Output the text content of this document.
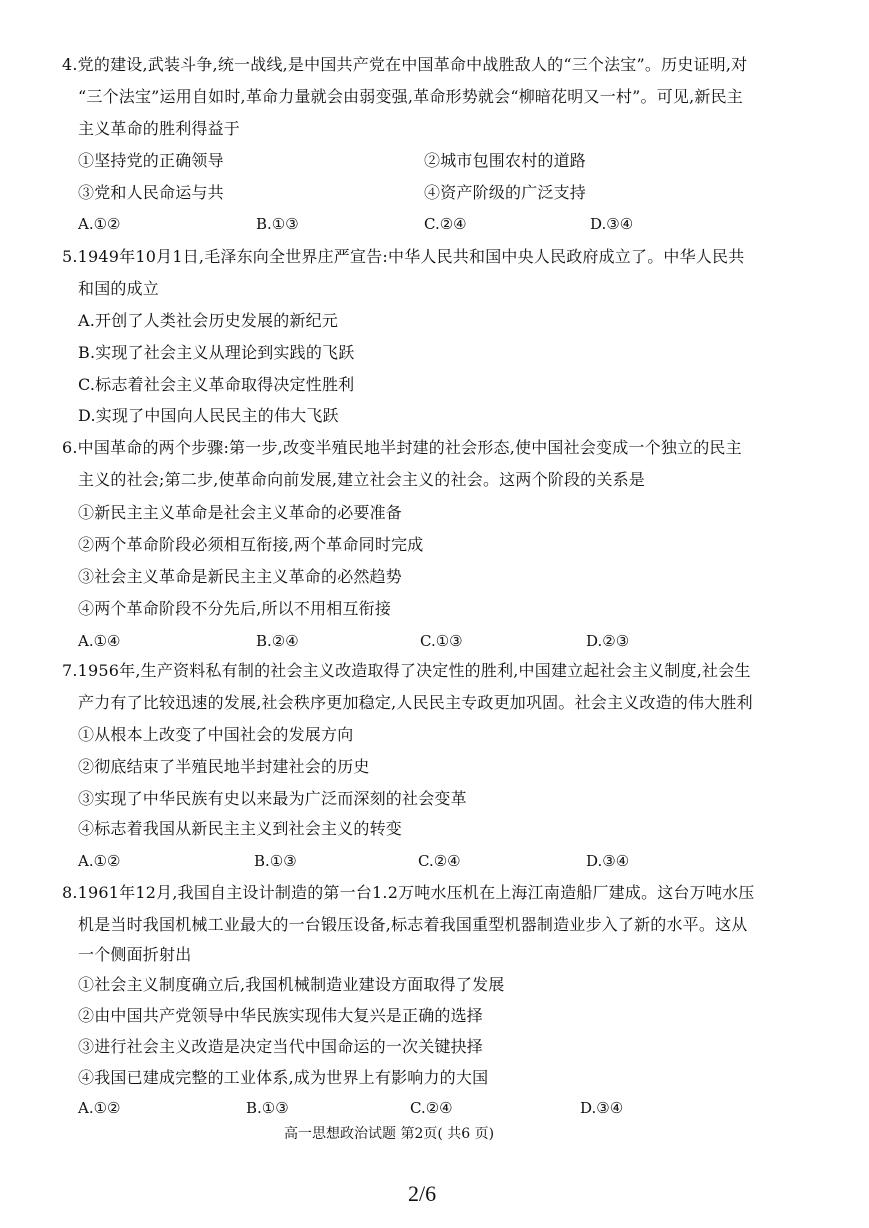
4.党的建设,武装斗争,统一战线,是中国共产党在中国革命中战胜敌人的“三个法宝”。历史证明,对
“三个法宝”运用自如时,革命力量就会由弱变强,革命形势就会“柳暗花明又一村”。可见,新民主
主义革命的胜利得益于
①坚持党的正确领导	②城市包围农村的道路
③党和人民命运与共	④资产阶级的广泛支持
A.①②	B.①③	C.②④	D.③④
5.1949年10月1日,毛泽东向全世界庄严宣告:中华人民共和国中央人民政府成立了。中华人民共
和国的成立
A.开创了人类社会历史发展的新纪元
B.实现了社会主义从理论到实践的飞跃
C.标志着社会主义革命取得决定性胜利
D.实现了中国向人民民主的伟大飞跃
6.中国革命的两个步骤:第一步,改变半殖民地半封建的社会形态,使中国社会变成一个独立的民主
主义的社会;第二步,使革命向前发展,建立社会主义的社会。这两个阶段的关系是
①新民主主义革命是社会主义革命的必要准备
②两个革命阶段必须相互衔接,两个革命同时完成
③社会主义革命是新民主主义革命的必然趋势
④两个革命阶段不分先后,所以不用相互衔接
A.①④	B.②④	C.①③	D.②③
7.1956年,生产资料私有制的社会主义改造取得了决定性的胜利,中国建立起社会主义制度,社会生
产力有了比较迅速的发展,社会秩序更加稳定,人民民主专政更加巩固。社会主义改造的伟大胜利
①从根本上改变了中国社会的发展方向
②彻底结束了半殖民地半封建社会的历史
③实现了中华民族有史以来最为广泛而深刻的社会变革
④标志着我国从新民主主义到社会主义的转变
A.①②	B.①③	C.②④	D.③④
8.1961年12月,我国自主设计制造的第一台1.2万吨水压机在上海江南造船厂建成。这台万吨水压
机是当时我国机械工业最大的一台锻压设备,标志着我国重型机器制造业步入了新的水平。这从
一个侧面折射出
①社会主义制度确立后,我国机械制造业建设方面取得了发展
②由中国共产党领导中华民族实现伟大复兴是正确的选择
③进行社会主义改造是决定当代中国命运的一次关键抉择
④我国已建成完整的工业体系,成为世界上有影响力的大国
A.①②	B.①③	C.②④	D.③④
高一思想政治试题 第2页( 共6 页)
2/6
